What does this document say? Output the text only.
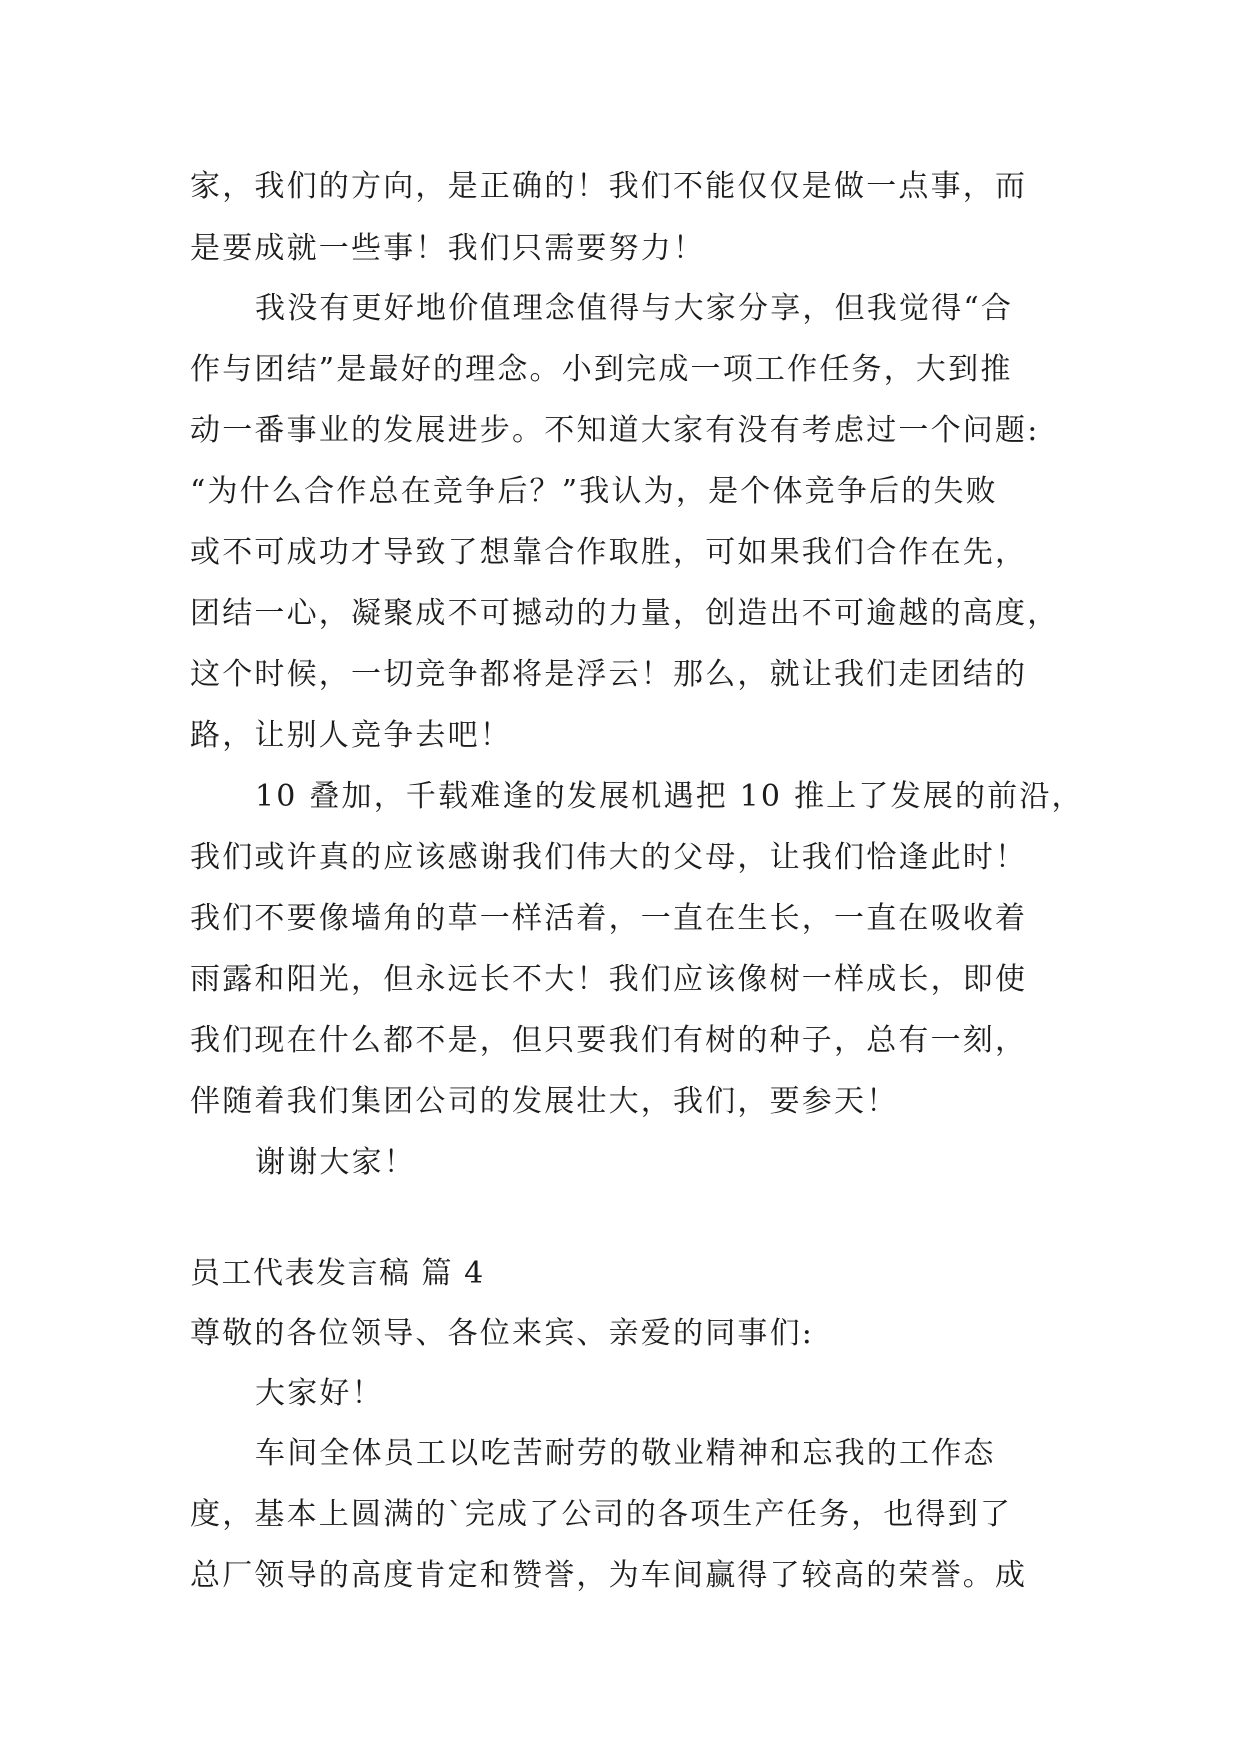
家，我们的方向，是正确的！我们不能仅仅是做一点事，而
是要成就一些事！我们只需要努力！
我没有更好地价值理念值得与大家分享，但我觉得“合
作与团结”是最好的理念。小到完成一项工作任务，大到推
动一番事业的发展进步。不知道大家有没有考虑过一个问题:
“为什么合作总在竞争后？”我认为，是个体竞争后的失败
或不可成功才导致了想靠合作取胜，可如果我们合作在先，
团结一心，凝聚成不可撼动的力量，创造出不可逾越的高度，
这个时候，一切竞争都将是浮云！那么，就让我们走团结的
路，让别人竞争去吧！
10 叠加，千载难逢的发展机遇把 10 推上了发展的前沿，
我们或许真的应该感谢我们伟大的父母，让我们恰逢此时！
我们不要像墙角的草一样活着，一直在生长，一直在吸收着
雨露和阳光，但永远长不大！我们应该像树一样成长，即使
我们现在什么都不是，但只要我们有树的种子，总有一刻，
伴随着我们集团公司的发展壮大，我们，要参天！
谢谢大家！
员工代表发言稿 篇 4
尊敬的各位领导、各位来宾、亲爱的同事们:
大家好！
车间全体员工以吃苦耐劳的敬业精神和忘我的工作态
度，基本上圆满的`完成了公司的各项生产任务，也得到了
总厂领导的高度肯定和赞誉，为车间赢得了较高的荣誉。成
